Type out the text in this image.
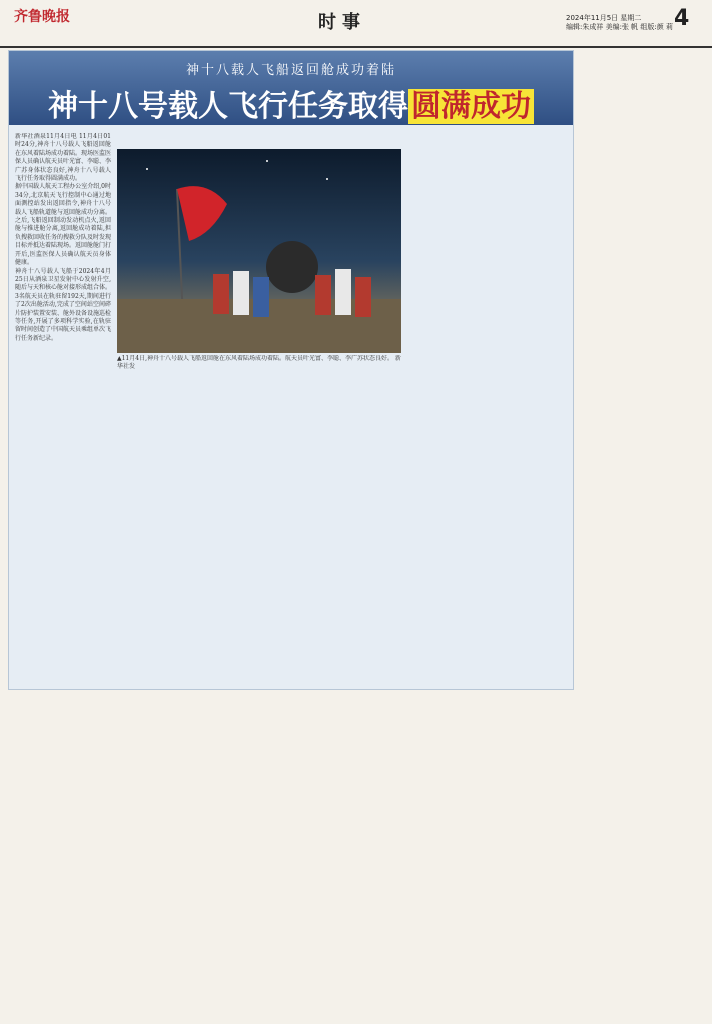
齐鲁晚报	时事	2024年11月5日 星期二
编辑:朱成祥 美编:张 帆 组版:颜 莉 4
神十八载人飞船返回舱成功着陆
神十八号载人飞行任务取得 圆满成功

新华社酒泉11月4日电 11月4日01时24分,神舟十八号载人飞船返回舱在东风着陆场成功着陆。现场医监医保人员确认航天员叶光富、李聪、李广苏身体状态良好,神舟十八号载人飞行任务取得圆满成功。

据中国载人航天工程办公室介绍,0时34分,北京航天飞行控制中心通过地面测控站发出返回指令,神舟十八号载人飞船轨道舱与返回舱成功分离。之后,飞船返回制动发动机点火,返回舱与推进舱分离,返回舱成功着陆,担负搜救回收任务的搜救分队及时发现目标并抵达着陆现场。返回舱舱门打开后,医监医保人员确认航天员身体健康。

神舟十八号载人飞船于2024年4月25日从酒泉卫星发射中心发射升空,随后与天和核心舱对接形成组合体。3名航天员在轨驻留192天,期间进行了2次出舱活动,完成了空间站空间碎片防护装置安装、舱外设备设施巡检等任务,开展了多项科学实验,在轨驻留时间创造了中国航天员乘组单次飞行任务新纪录。

▲11月4日,神舟十八号载人飞船返回舱在东风着陆场成功着陆。航天员叶光富、李聪、李广苏状态良好。 新华社发
